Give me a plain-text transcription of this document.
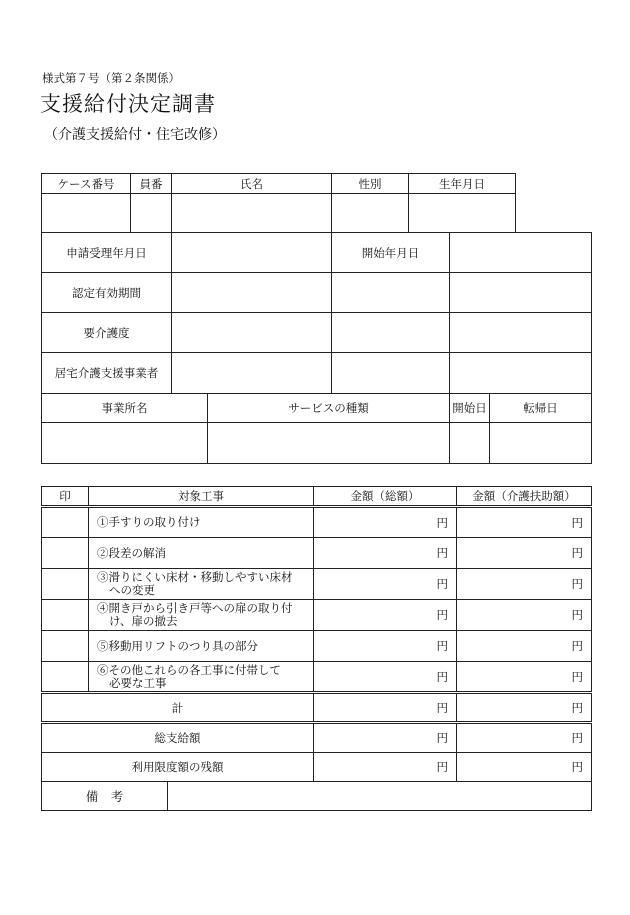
様式第７号（第２条関係）
支援給付決定調書
（介護支援給付・住宅改修）
ケース番号	員番	氏名	性別	生年月日

申請受理年月日			開始年月日		
認定有効期間					
要介護度					
居宅介護支援事業者					
事業所名		サービスの種類		開始日	転帰日

印	対象工事		金額（総額）	金額（介護扶助額）
	①手すりの取り付け		円	円
	②段差の解消		円	円

	③滑りにくい床材・移動しやすい床材
への変更		円	円

	④開き戸から引き戸等への扉の取り付
け、扉の撤去		円	円
	⑤移動用リフトのつり具の部分		円	円

	⑥その他これらの各工事に付帯して
必要な工事		円	円
計			円	円
総支給額			円	円
利用限度額の残額			円	円
備　考				
